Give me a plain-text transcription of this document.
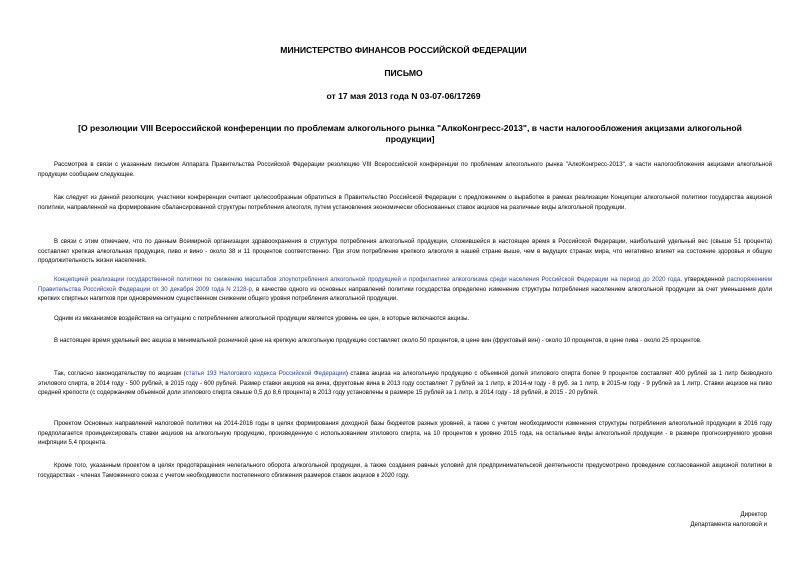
МИНИСТЕРСТВО ФИНАНСОВ РОССИЙСКОЙ ФЕДЕРАЦИИ
ПИСЬМО
от 17 мая 2013 года N 03-07-06/17269
[О резолюции VIII Всероссийской конференции по проблемам алкогольного рынка "АлкоКонгресс-2013", в части налогообложения акцизами алкогольной продукции]
Рассмотрев в связи с указанным письмом Аппарата Правительства Российской Федерации резолюцию VIII Всероссийской конференции по проблемам алкогольного рынка "АлкоКонгресс-2013", в части налогообложения акцизами алкогольной продукции сообщаем следующее.
Как следует из данной резолюции, участники конференции считают целесообразным обратиться в Правительство Российской Федерации с предложением о выработке в рамках реализации Концепции алкогольной политики государства акцизной политики, направленной на формирование сбалансированной структуры потребления алкоголя, путем установления экономически обоснованных ставок акцизов на различные виды алкогольной продукции.
В связи с этим отмечаем, что по данным Всемирной организации здравоохранения в структуре потребления алкогольной продукции, сложившейся в настоящее время в Российской Федерации, наибольший удельный вес (свыше 51 процента) составляет крепкая алкогольная продукция, пиво и вино - около 38 и 11 процентов соответственно. При этом потребление крепкого алкоголя в нашей стране выше, чем в ведущих странах мира, что негативно влияет на состояние здоровья и общую продолжительность жизни населения.
Концепцией реализации государственной политики по снижению масштабов злоупотребления алкогольной продукцией и профилактике алкоголизма среди населения Российской Федерации на период до 2020 года, утвержденной распоряжением Правительства Российской Федерации от 30 декабря 2009 года N 2128-р, в качестве одного из основных направлений политики государства определено изменение структуры потребления населением алкогольной продукции за счет уменьшения доли крепких спиртных напитков при одновременном существенном снижении общего уровня потребления алкогольной продукции.
Одним из механизмов воздействия на ситуацию с потреблением алкогольной продукции является уровень ее цен, в которые включаются акцизы.
В настоящее время удельный вес акциза в минимальной розничной цене на крепкую алкогольную продукцию составляет около 50 процентов, в цене вин (фруктовый вин) - около 10 процентов, в цене пива - около 25 процентов.
Так, согласно законодательству по акцизам (статья 193 Налогового кодекса Российской Федерации) ставка акциза на алкогольную продукцию с объемной долей этилового спирта более 9 процентов составляет 400 рублей за 1 литр безводного этилового спирта, в 2014 году - 500 рублей, в 2015 году - 600 рублей. Размер ставки акцизов на вина, фруктовые вина в 2013 году составляет 7 рублей за 1 литр, в 2014-м году - 8 руб. за 1 литр, в 2015-м году - 9 рублей за 1 литр. Ставки акцизов на пиво средней крепости (с содержанием объемной доли этилового спирта свыше 0,5 до 8,6 процента) в 2013 году установлены в размере 15 рублей за 1 литр, в 2014 году - 18 рублей, в 2015 - 20 рублей.
Проектом Основных направлений налоговой политики на 2014-2016 годы в целях формирования доходной базы бюджетов разных уровней, а также с учетом необходимости изменения структуры потребления алкогольной продукции в 2016 году предполагается проиндексировать ставки акцизов на алкогольную продукцию, произведенную с использованием этилового спирта, на 10 процентов к уровню 2015 года, на остальные виды алкогольной продукции - в размере прогнозируемого уровня инфляции 5,4 процента.
Кроме того, указанным проектом в целях предотвращения нелегального оборота алкогольной продукции, а также создания равных условий для предпринимательской деятельности предусмотрено проведение согласованной акцизной политики в государствах - членах Таможенного союза с учетом необходимости постепенного сближения размеров ставок акцизов к 2020 году.
Директор
Департамента налоговой и
